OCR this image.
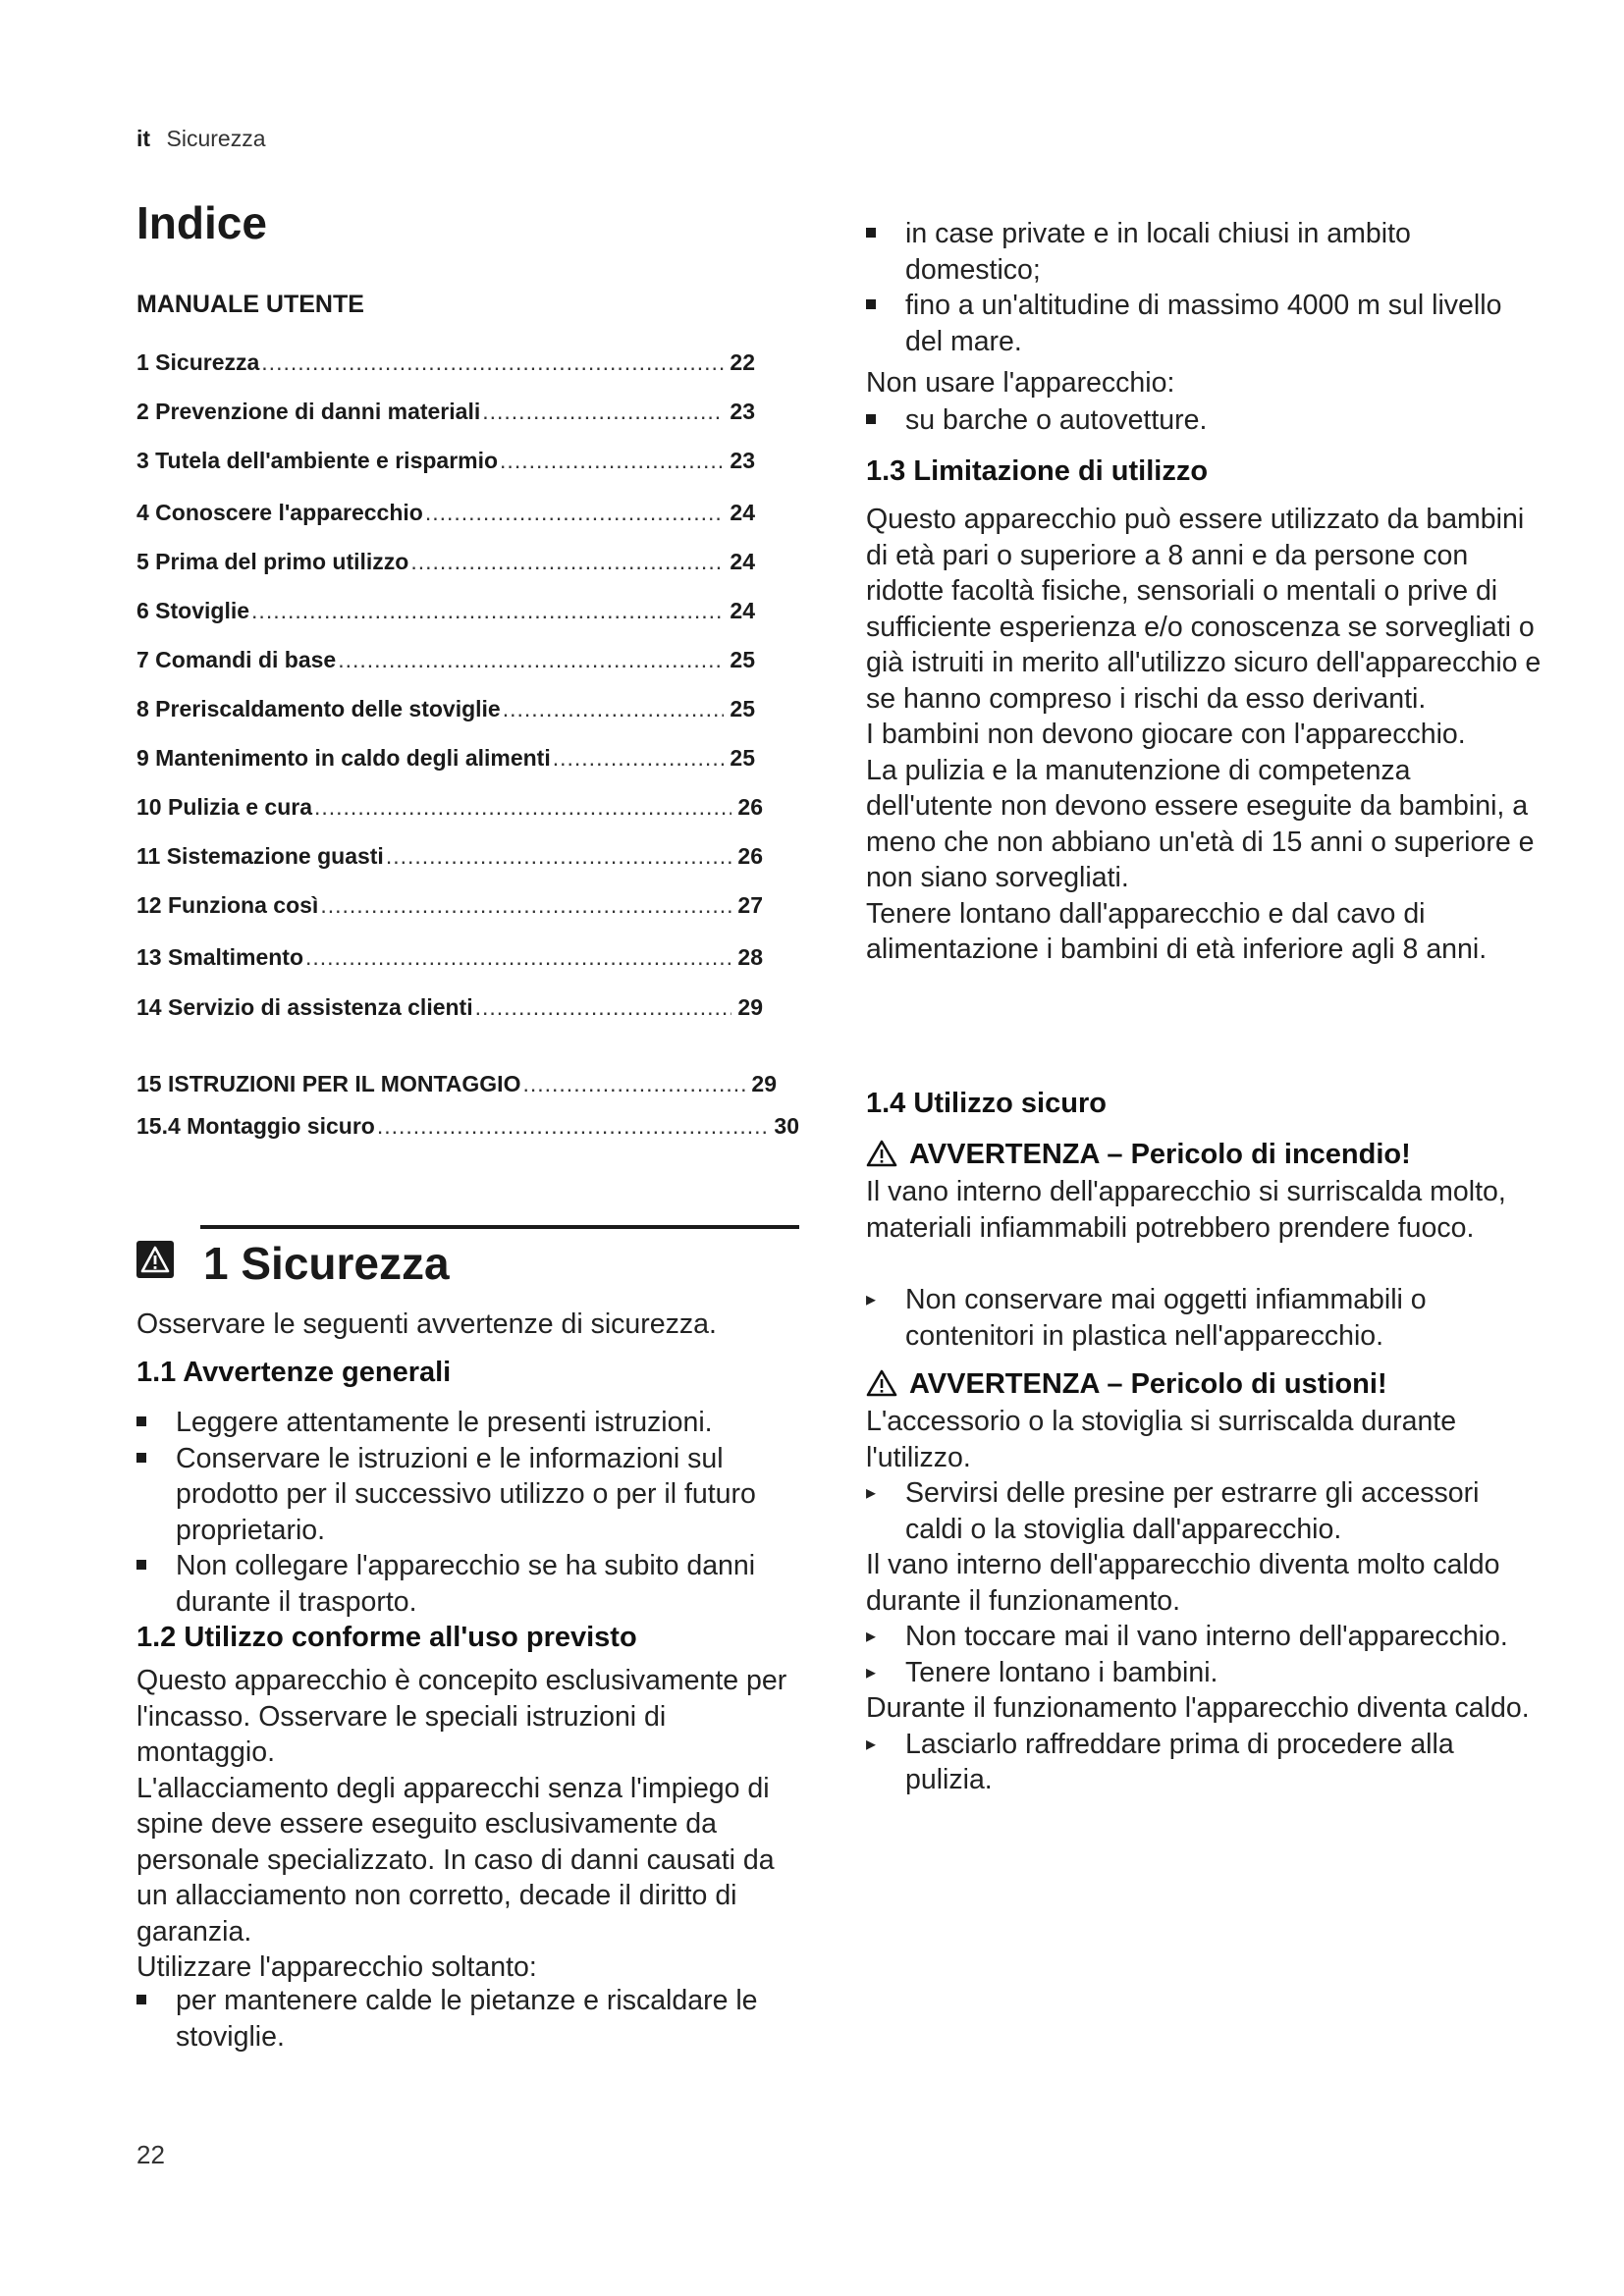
it Sicurezza
Indice
MANUALE UTENTE
1 Sicurezza .....	22
2 Prevenzione di danni materiali .....	23
3 Tutela dell'ambiente e risparmio .....	23
4 Conoscere l'apparecchio .....	24
5 Prima del primo utilizzo .....	24
6 Stoviglie .....	24
7 Comandi di base .....	25
8 Preriscaldamento delle stoviglie .....	25
9 Mantenimento in caldo degli alimenti .....	25
10 Pulizia e cura .....	26
11 Sistemazione guasti .....	26
12 Funziona così .....	27
13 Smaltimento .....	28
14 Servizio di assistenza clienti .....	29
15 ISTRUZIONI PER IL MONTAGGIO .....	29
15.4 Montaggio sicuro .....	30
1 Sicurezza
Osservare le seguenti avvertenze di sicurezza.
1.1 Avvertenze generali
Leggere attentamente le presenti istruzioni.
Conservare le istruzioni e le informazioni sul prodotto per il successivo utilizzo o per il futuro proprietario.
Non collegare l'apparecchio se ha subito danni durante il trasporto.
1.2 Utilizzo conforme all'uso previsto
Questo apparecchio è concepito esclusivamente per l'incasso. Osservare le speciali istruzioni di montaggio.
L'allacciamento degli apparecchi senza l'impiego di spine deve essere eseguito esclusivamente da personale specializzato. In caso di danni causati da un allacciamento non corretto, decade il diritto di garanzia.
Utilizzare l'apparecchio soltanto:
per mantenere calde le pietanze e riscaldare le stoviglie.
in case private e in locali chiusi in ambito domestico;
fino a un'altitudine di massimo 4000 m sul livello del mare.
Non usare l'apparecchio:
su barche o autovetture.
1.3 Limitazione di utilizzo
Questo apparecchio può essere utilizzato da bambini di età pari o superiore a 8 anni e da persone con ridotte facoltà fisiche, sensoriali o mentali o prive di sufficiente esperienza e/o conoscenza se sorvegliati o già istruiti in merito all'utilizzo sicuro dell'apparecchio e se hanno compreso i rischi da esso derivanti.
I bambini non devono giocare con l'apparecchio.
La pulizia e la manutenzione di competenza dell'utente non devono essere eseguite da bambini, a meno che non abbiano un'età di 15 anni o superiore e non siano sorvegliati.
Tenere lontano dall'apparecchio e dal cavo di alimentazione i bambini di età inferiore agli 8 anni.
1.4 Utilizzo sicuro
AVVERTENZA – Pericolo di incendio!
Il vano interno dell'apparecchio si surriscalda molto, materiali infiammabili potrebbero prendere fuoco.
▸ Non conservare mai oggetti infiammabili o contenitori in plastica nell'apparecchio.
AVVERTENZA – Pericolo di ustioni!
L'accessorio o la stoviglia si surriscalda durante l'utilizzo.
▸ Servirsi delle presine per estrarre gli accessori caldi o la stoviglia dall'apparecchio.
Il vano interno dell'apparecchio diventa molto caldo durante il funzionamento.
▸ Non toccare mai il vano interno dell'apparecchio.
▸ Tenere lontano i bambini.
Durante il funzionamento l'apparecchio diventa caldo.
▸ Lasciarlo raffreddare prima di procedere alla pulizia.
22
